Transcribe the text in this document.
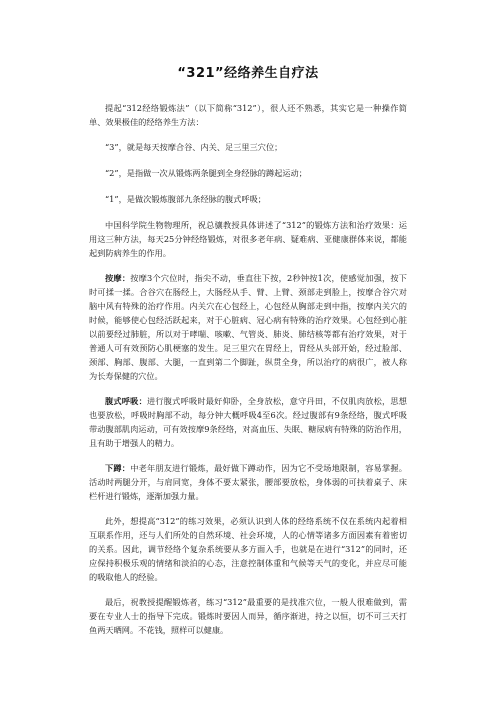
“321”经络养生自疗法

提起“312经络锻炼法”（以下简称“312”），很人还不熟悉，其实它是一种操作简单、效果极佳的经络养生方法：

“3”，就是每天按摩合谷、内关、足三里三穴位；

“2”，是指做一次从锻炼两条腿到全身经脉的蹲起运动；

“1”，是做次锻炼腹部九条经脉的腹式呼吸；

中国科学院生物物理所，祝总骧教授具体讲述了“312”的锻炼方法和治疗效果：运用这三种方法，每天25分钟经络锻炼，对很多老年病、疑难病、亚健康群体来说，都能起到防病养生的作用。

按摩：按摩3个穴位时，指尖不动，垂直往下按，2秒钟按1次，使感觉加强，按下时可揉一揉。合谷穴在肠经上，大肠经从手、臂、上臂、颈部走到脸上，按摩合谷穴对脑中风有特殊的治疗作用。内关穴在心包经上，心包经从胸部走到中指，按摩内关穴的时候，能够使心包经活跃起来，对于心脏病、冠心病有特殊的治疗效果。心包经到心脏以前要经过肺脏，所以对于哮喘、咳嗽、气管炎、肺炎、肺结核等都有治疗效果，对于普通人可有效预防心肌梗塞的发生。足三里穴在胃经上，胃经从头部开始，经过脸部、颈部、胸部、腹部、大腿，一直到第二个脚趾，纵贯全身，所以治疗的病很广，被人称为长寿保健的穴位。

腹式呼吸：进行腹式呼吸时最好仰卧，全身放松，意守丹田，不仅肌肉放松，思想也要放松，呼吸时胸部不动，每分钟大概呼吸4至6次。经过腹部有9条经络，腹式呼吸带动腹部肌肉运动，可有效按摩9条经络，对高血压、失眠、糖尿病有特殊的防治作用，且有助于增强人的精力。

下蹲：中老年朋友进行锻炼，最好做下蹲动作，因为它不受场地限制，容易掌握。活动时两腿分开，与肩同宽，身体不要太紧张，腰部要放松，身体弱的可扶着桌子、床栏杆进行锻炼，逐渐加强力量。

此外，想提高“312”的练习效果，必须认识到人体的经络系统不仅在系统内起着相互联系作用，还与人们所处的自然环境、社会环境，人的心情等诸多方面因素有着密切的关系。因此，调节经络个复杂系统要从多方面入手，也就是在进行“312”的同时，还应保持积极乐观的情绪和淡泊的心态，注意控制体重和气候等天气的变化，并应尽可能的吸取他人的经验。

最后，祝教授提醒锻炼者，练习“312”最重要的是找准穴位，一般人很难做到，需要在专业人士的指导下完成。锻炼时要因人而异，循序渐进，持之以恒，切不可三天打鱼两天晒网。不花钱，照样可以健康。
